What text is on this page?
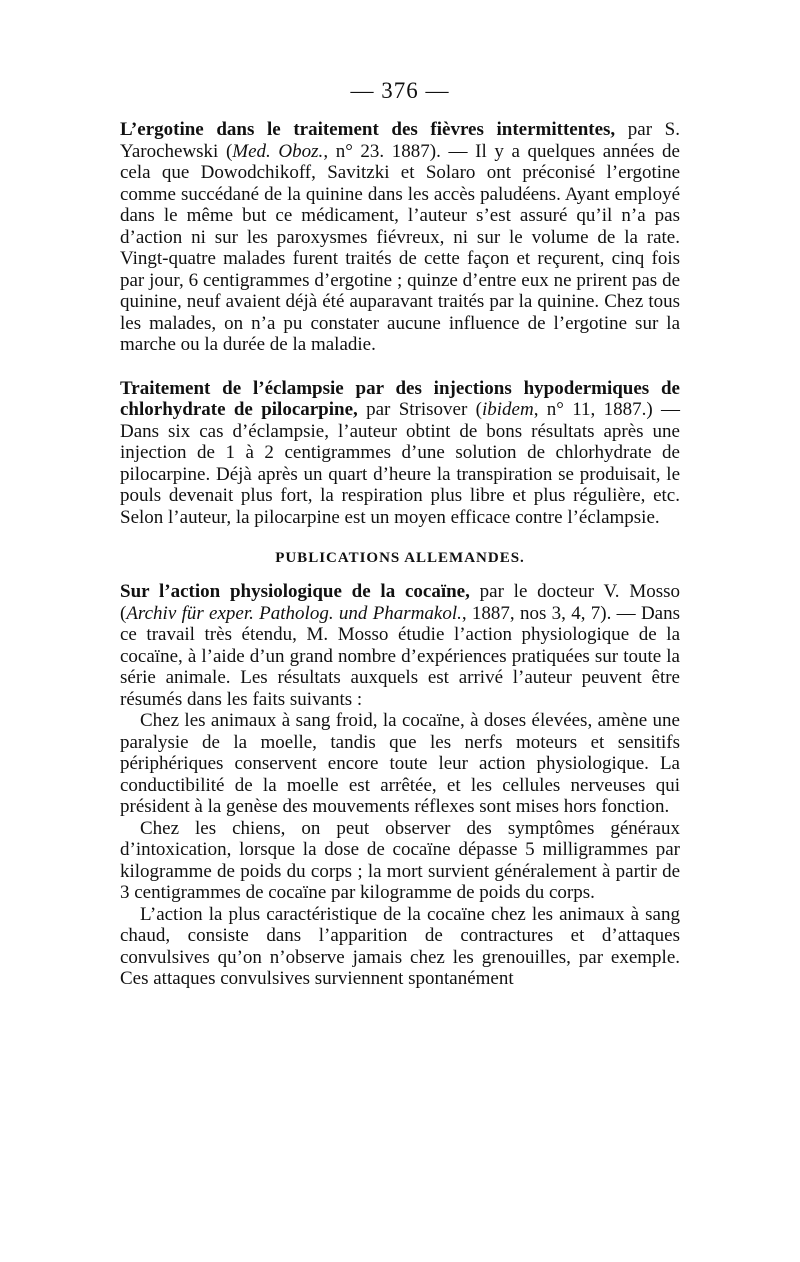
— 376 —

L’ergotine dans le traitement des fièvres intermittentes, par S. Yarochewski (Med. Oboz., n° 23. 1887). — Il y a quelques années de cela que Dowodchikoff, Savitzki et Solaro ont préconisé l’ergotine comme succédané de la quinine dans les accès paludéens. Ayant employé dans le même but ce médicament, l’auteur s’est assuré qu’il n’a pas d’action ni sur les paroxysmes fiévreux, ni sur le volume de la rate. Vingt-quatre malades furent traités de cette façon et reçurent, cinq fois par jour, 6 centigrammes d’ergotine ; quinze d’entre eux ne prirent pas de quinine, neuf avaient déjà été auparavant traités par la quinine. Chez tous les malades, on n’a pu constater aucune influence de l’ergotine sur la marche ou la durée de la maladie.

Traitement de l’éclampsie par des injections hypodermiques de chlorhydrate de pilocarpine, par Strisover (ibidem, n° 11, 1887.) — Dans six cas d’éclampsie, l’auteur obtint de bons résultats après une injection de 1 à 2 centigrammes d’une solution de chlorhydrate de pilocarpine. Déjà après un quart d’heure la transpiration se produisait, le pouls devenait plus fort, la respiration plus libre et plus régulière, etc. Selon l’auteur, la pilocarpine est un moyen efficace contre l’éclampsie.

PUBLICATIONS ALLEMANDES.

Sur l’action physiologique de la cocaïne, par le docteur V. Mosso (Archiv für exper. Patholog. und Pharmakol., 1887, nos 3, 4, 7). — Dans ce travail très étendu, M. Mosso étudie l’action physiologique de la cocaïne, à l’aide d’un grand nombre d’expériences pratiquées sur toute la série animale. Les résultats auxquels est arrivé l’auteur peuvent être résumés dans les faits suivants :

Chez les animaux à sang froid, la cocaïne, à doses élevées, amène une paralysie de la moelle, tandis que les nerfs moteurs et sensitifs périphériques conservent encore toute leur action physiologique. La conductibilité de la moelle est arrêtée, et les cellules nerveuses qui président à la genèse des mouvements réflexes sont mises hors fonction.

Chez les chiens, on peut observer des symptômes généraux d’intoxication, lorsque la dose de cocaïne dépasse 5 milligrammes par kilogramme de poids du corps ; la mort survient généralement à partir de 3 centigrammes de cocaïne par kilogramme de poids du corps.

L’action la plus caractéristique de la cocaïne chez les animaux à sang chaud, consiste dans l’apparition de contractures et d’attaques convulsives qu’on n’observe jamais chez les grenouilles, par exemple. Ces attaques convulsives surviennent spontanément
